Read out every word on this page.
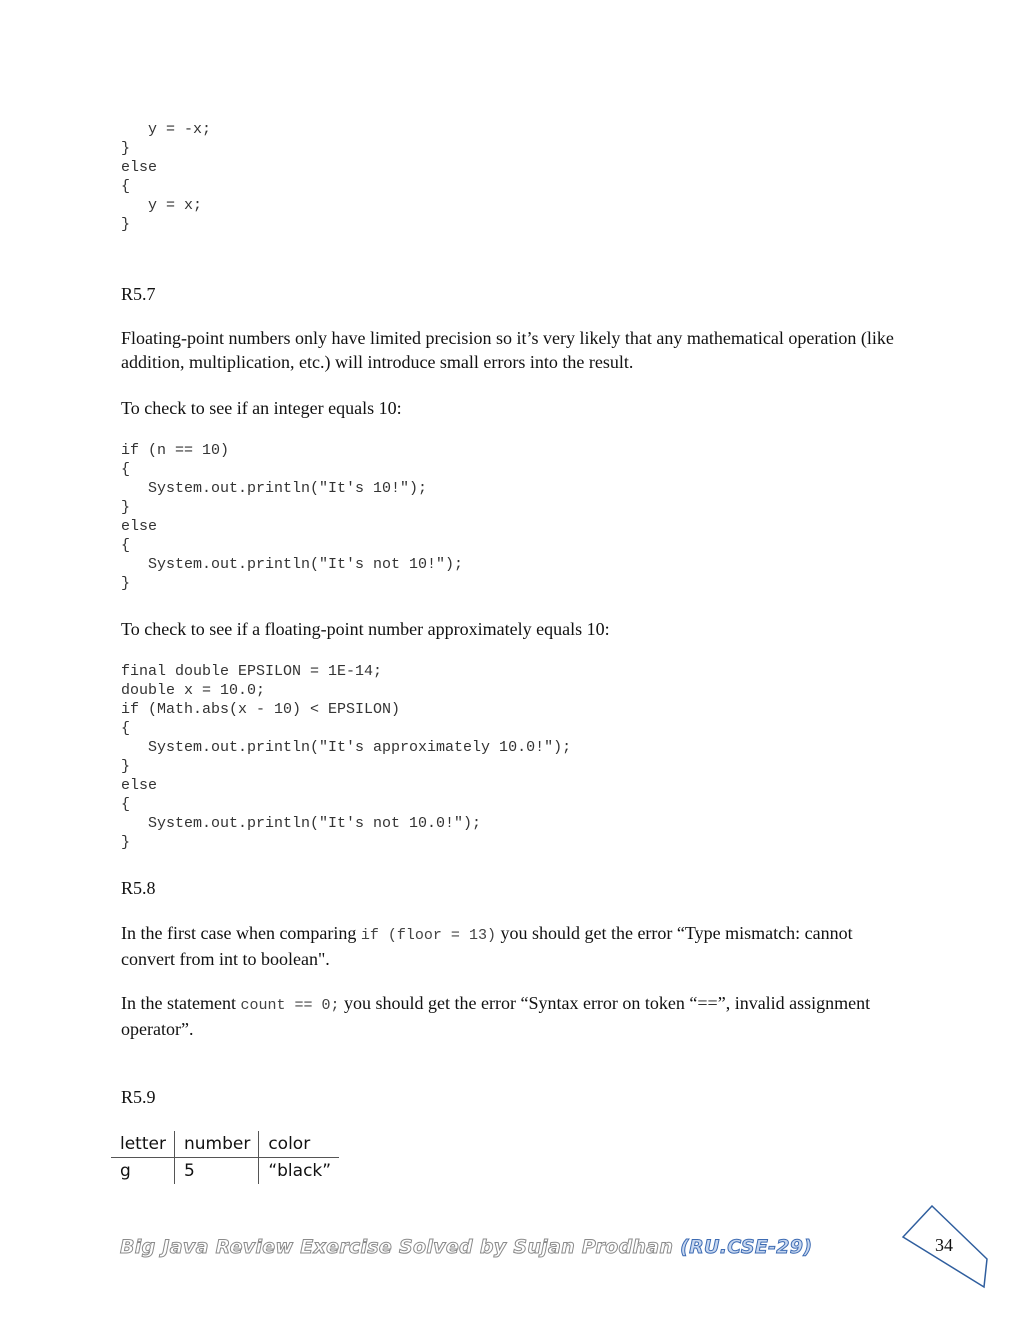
y = -x;
}
else
{
y = x;
}

R5.7

Floating-point numbers only have limited precision so it’s very likely that any mathematical operation (like addition, multiplication, etc.) will introduce small errors into the result.

To check to see if an integer equals 10:

if (n == 10)
{
System.out.println("It's 10!");
}
else
{
System.out.println("It's not 10!");
}

To check to see if a floating-point number approximately equals 10:

final double EPSILON = 1E-14;
double x = 10.0;
if (Math.abs(x - 10) < EPSILON)
{
System.out.println("It's approximately 10.0!");
}
else
{
System.out.println("It's not 10.0!");
}

R5.8

In the first case when comparing if (floor = 13) you should get the error “Type mismatch: cannot convert from int to boolean".

In the statement count == 0; you should get the error “Syntax error on token “==”, invalid assignment operator”.

R5.9

letter	number	color
g	5	“black”
Big Java Review Exercise Solved by Sujan Prodhan (RU.CSE-29)	34
